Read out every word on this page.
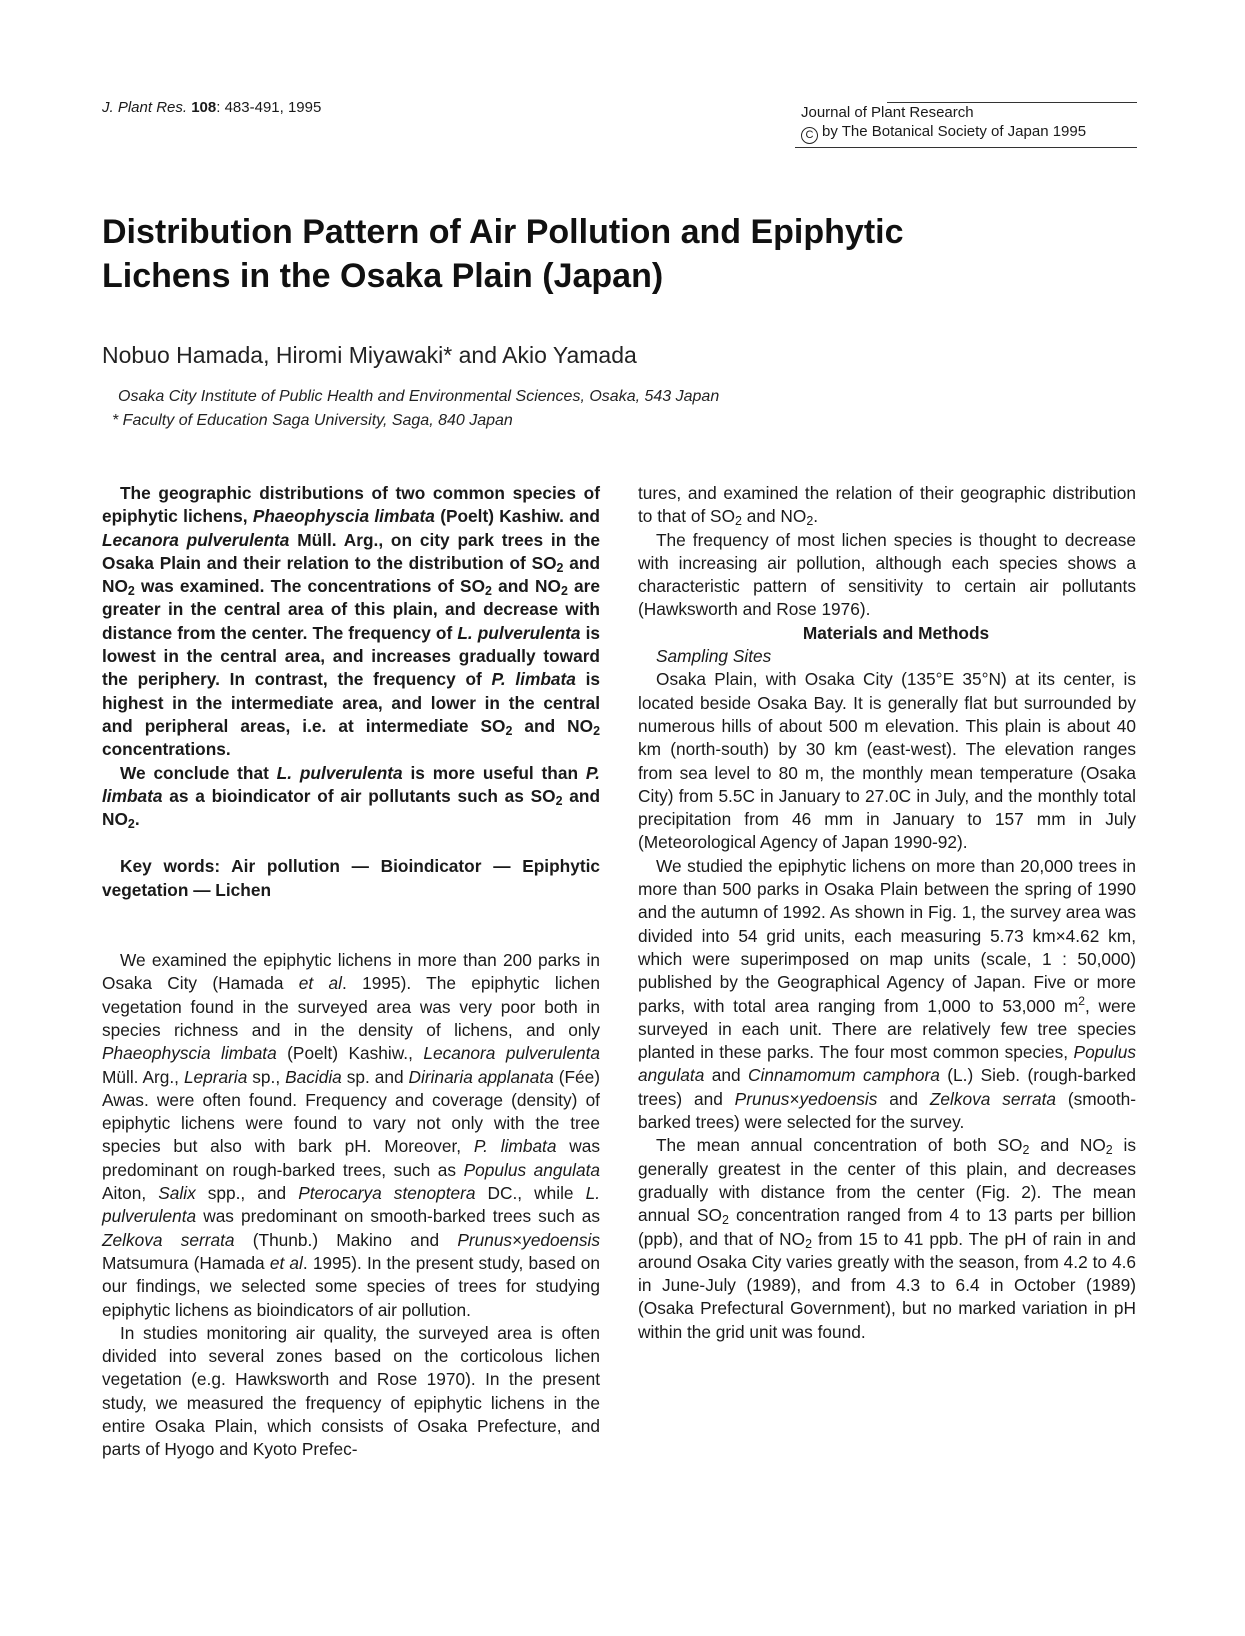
J. Plant Res. 108: 483-491, 1995	Journal of Plant Research
C by The Botanical Society of Japan 1995
Distribution Pattern of Air Pollution and Epiphytic
Lichens in the Osaka Plain (Japan)
Nobuo Hamada, Hiromi Miyawaki* and Akio Yamada
Osaka City Institute of Public Health and Environmental Sciences, Osaka, 543 Japan
* Faculty of Education Saga University, Saga, 840 Japan

The geographic distributions of two common species of epiphytic lichens, Phaeophyscia limbata (Poelt) Kashiw. and Lecanora pulverulenta Müll. Arg., on city park trees in the Osaka Plain and their relation to the distribution of $SO_2$ and $NO_2$ was examined. The concentrations of $SO_2$ and $NO_2$ are greater in the central area of this plain, and decrease with distance from the center. The frequency of L. pulverulenta is lowest in the central area, and increases gradually toward the periphery. In contrast, the frequency of P. limbata is highest in the intermediate area, and lower in the central and peripheral areas, i.e. at intermediate $SO_2$ and $NO_2$ concentrations.

We conclude that L. pulverulenta is more useful than P. limbata as a bioindicator of air pollutants such as $SO_2$ and $NO_2$.

Key words: Air pollution — Bioindicator — Epiphytic vegetation — Lichen

We examined the epiphytic lichens in more than 200 parks in Osaka City (Hamada et al. 1995). The epiphytic lichen vegetation found in the surveyed area was very poor both in species richness and in the density of lichens, and only Phaeophyscia limbata (Poelt) Kashiw., Lecanora pulverulenta Müll. Arg., Lepraria sp., Bacidia sp. and Dirinaria applanata (Fée) Awas. were often found. Frequency and coverage (density) of epiphytic lichens were found to vary not only with the tree species but also with bark pH. Moreover, P. limbata was predominant on rough-barked trees, such as Populus angulata Aiton, Salix spp., and Pterocarya stenoptera DC., while L. pulverulenta was predominant on smooth-barked trees such as Zelkova serrata (Thunb.) Makino and Prunus×yedoensis Matsumura (Hamada et al. 1995). In the present study, based on our findings, we selected some species of trees for studying epiphytic lichens as bioindicators of air pollution.

In studies monitoring air quality, the surveyed area is often divided into several zones based on the corticolous lichen vegetation (e.g. Hawksworth and Rose 1970). In the present study, we measured the frequency of epiphytic lichens in the entire Osaka Plain, which consists of Osaka Prefecture, and parts of Hyogo and Kyoto Prefec-

tures, and examined the relation of their geographic distribution to that of $SO_2$ and $NO_2$.

The frequency of most lichen species is thought to decrease with increasing air pollution, although each species shows a characteristic pattern of sensitivity to certain air pollutants (Hawksworth and Rose 1976).

Materials and Methods

Sampling Sites

Osaka Plain, with Osaka City (135°E 35°N) at its center, is located beside Osaka Bay. It is generally flat but surrounded by numerous hills of about 500 m elevation. This plain is about 40 km (north-south) by 30 km (east-west). The elevation ranges from sea level to 80 m, the monthly mean temperature (Osaka City) from 5.5C in January to 27.0C in July, and the monthly total precipitation from 46 mm in January to 157 mm in July (Meteorological Agency of Japan 1990-92).

We studied the epiphytic lichens on more than 20,000 trees in more than 500 parks in Osaka Plain between the spring of 1990 and the autumn of 1992. As shown in Fig. 1, the survey area was divided into 54 grid units, each measuring 5.73 km×4.62 km, which were superimposed on map units (scale, 1 : 50,000) published by the Geographical Agency of Japan. Five or more parks, with total area ranging from 1,000 to 53,000 $m^2$, were surveyed in each unit. There are relatively few tree species planted in these parks. The four most common species, Populus angulata and Cinnamomum camphora (L.) Sieb. (rough-barked trees) and Prunus×yedoensis and Zelkova serrata (smooth-barked trees) were selected for the survey.

The mean annual concentration of both $SO_2$ and $NO_2$ is generally greatest in the center of this plain, and decreases gradually with distance from the center (Fig. 2). The mean annual $SO_2$ concentration ranged from 4 to 13 parts per billion (ppb), and that of $NO_2$ from 15 to 41 ppb. The pH of rain in and around Osaka City varies greatly with the season, from 4.2 to 4.6 in June-July (1989), and from 4.3 to 6.4 in October (1989) (Osaka Prefectural Government), but no marked variation in pH within the grid unit was found.
